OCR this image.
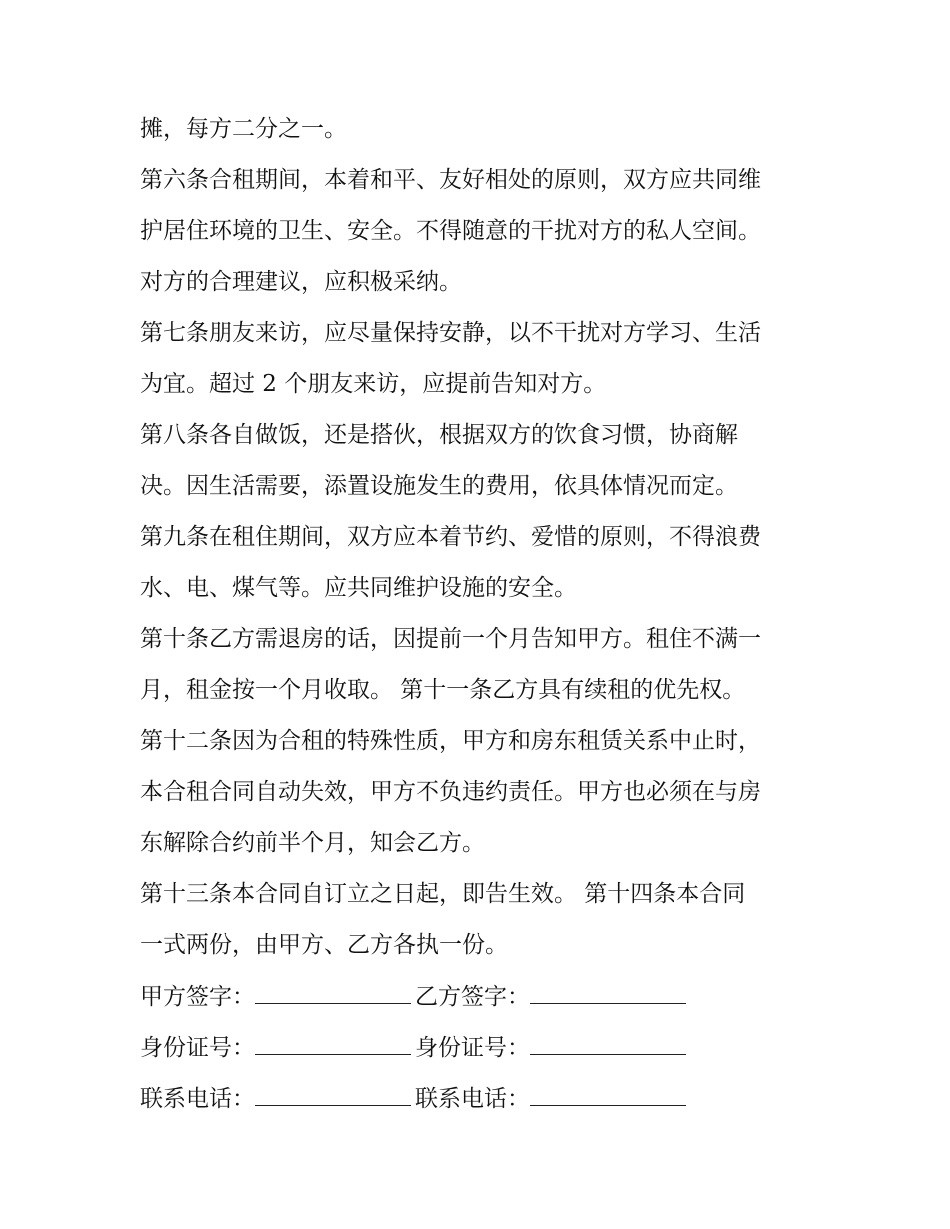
摊，每方二分之一。
第六条合租期间，本着和平、友好相处的原则，双方应共同维
护居住环境的卫生、安全。不得随意的干扰对方的私人空间。
对方的合理建议，应积极采纳。
第七条朋友来访，应尽量保持安静，以不干扰对方学习、生活
为宜。超过 2 个朋友来访，应提前告知对方。
第八条各自做饭，还是搭伙，根据双方的饮食习惯，协商解
决。因生活需要，添置设施发生的费用，依具体情况而定。
第九条在租住期间，双方应本着节约、爱惜的原则，不得浪费
水、电、煤气等。应共同维护设施的安全。
第十条乙方需退房的话，因提前一个月告知甲方。租住不满一
月，租金按一个月收取。 第十一条乙方具有续租的优先权。
第十二条因为合租的特殊性质，甲方和房东租赁关系中止时，
本合租合同自动失效，甲方不负违约责任。甲方也必须在与房
东解除合约前半个月，知会乙方。
第十三条本合同自订立之日起，即告生效。 第十四条本合同
一式两份，由甲方、乙方各执一份。
甲方签字：	乙方签字：
身份证号：	身份证号：
联系电话：	联系电话：
